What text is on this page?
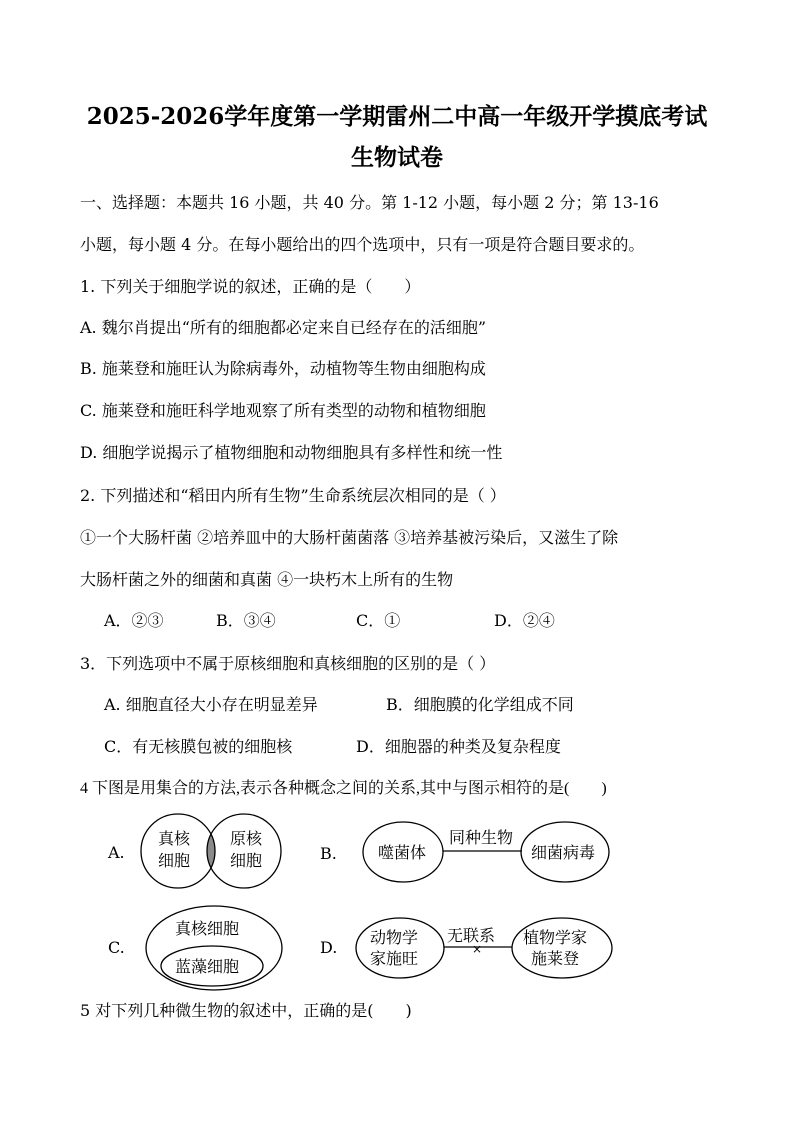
2025-2026学年度第一学期雷州二中高一年级开学摸底考试
生物试卷
一、选择题：本题共 16 小题，共 40 分。第 1-12 小题，每小题 2 分；第 13-16
小题，每小题 4 分。在每小题给出的四个选项中，只有一项是符合题目要求的。
1. 下列关于细胞学说的叙述，正确的是（　　）
A. 魏尔肖提出“所有的细胞都必定来自已经存在的活细胞”
B. 施莱登和施旺认为除病毒外，动植物等生物由细胞构成
C. 施莱登和施旺科学地观察了所有类型的动物和植物细胞
D. 细胞学说揭示了植物细胞和动物细胞具有多样性和统一性
2. 下列描述和“稻田内所有生物”生命系统层次相同的是（ ）
①一个大肠杆菌 ②培养皿中的大肠杆菌菌落 ③培养基被污染后，又滋生了除
大肠杆菌之外的细菌和真菌 ④一块朽木上所有的生物
A．②③	B．③④	C．①	D．②④
3．下列选项中不属于原核细胞和真核细胞的区别的是（ ）
A. 细胞直径大小存在明显差异	B．细胞膜的化学组成不同
C．有无核膜包被的细胞核	D．细胞器的种类及复杂程度
4 下图是用集合的方法,表示各种概念之间的关系,其中与图示相符的是(　　)
A.
真核
细胞
原核
细胞	B.	噬菌体
同种生物
细菌病毒
C.
真核细胞
蓝藻细胞
D.	×
动物学
家施旺
无联系 植物学家
施莱登
5 对下列几种微生物的叙述中，正确的是(　　)
